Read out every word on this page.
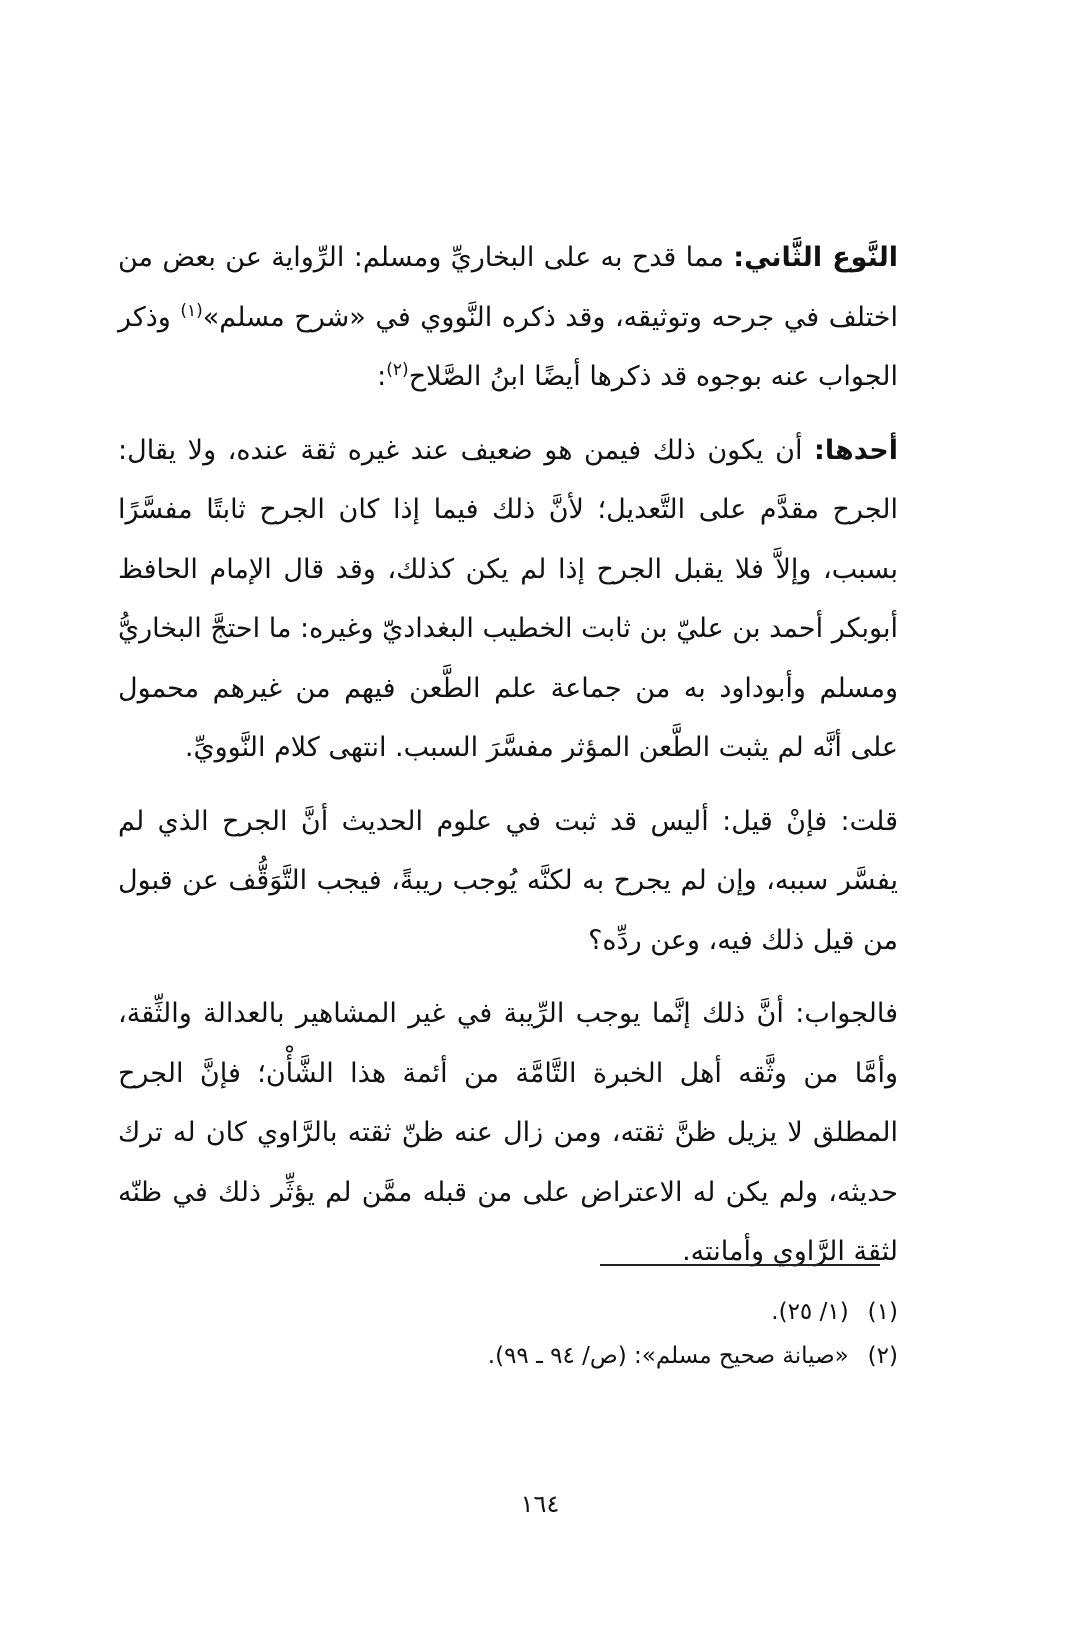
النَّوع الثَّاني: مما قدح به على البخاريِّ ومسلم: الرِّواية عن بعض من اختلف في جرحه وتوثيقه، وقد ذكره النَّووي في «شرح مسلم»$^{(١)}$ وذكر الجواب عنه بوجوه قد ذكرها أيضًا ابنُ الصَّلاح$^{(٢)}$:

أحدها: أن يكون ذلك فيمن هو ضعيف عند غيره ثقة عنده، ولا يقال: الجرح مقدَّم على التَّعديل؛ لأنَّ ذلك فيما إذا كان الجرح ثابتًا مفسَّرًا بسبب، وإلاَّ فلا يقبل الجرح إذا لم يكن كذلك، وقد قال الإمام الحافظ أبوبكر أحمد بن عليّ بن ثابت الخطيب البغداديّ وغيره: ما احتجَّ البخاريُّ ومسلم وأبوداود به من جماعة علم الطَّعن فيهم من غيرهم محمول على أنَّه لم يثبت الطَّعن المؤثر مفسَّرَ السبب. انتهى كلام النَّوويِّ.

قلت: فإنْ قيل: أليس قد ثبت في علوم الحديث أنَّ الجرح الذي لم يفسَّر سببه، وإن لم يجرح به لكنَّه يُوجب ريبةً، فيجب التَّوَقُّف عن قبول من قيل ذلك فيه، وعن ردِّه؟

فالجواب: أنَّ ذلك إنَّما يوجب الرِّيبة في غير المشاهير بالعدالة والثِّقة، وأمَّا من وثَّقه أهل الخبرة التَّامَّة من أئمة هذا الشَّأْن؛ فإنَّ الجرح المطلق لا يزيل ظنَّ ثقته، ومن زال عنه ظنّ ثقته بالرَّاوي كان له ترك حديثه، ولم يكن له الاعتراض على من قبله ممَّن لم يؤثِّر ذلك في ظنّه لثقة الرَّاوي وأمانته.

(١) (١/ ٢٥).

(٢) «صيانة صحيح مسلم»: (ص/ ٩٤ ـ ٩٩).

١٦٤
